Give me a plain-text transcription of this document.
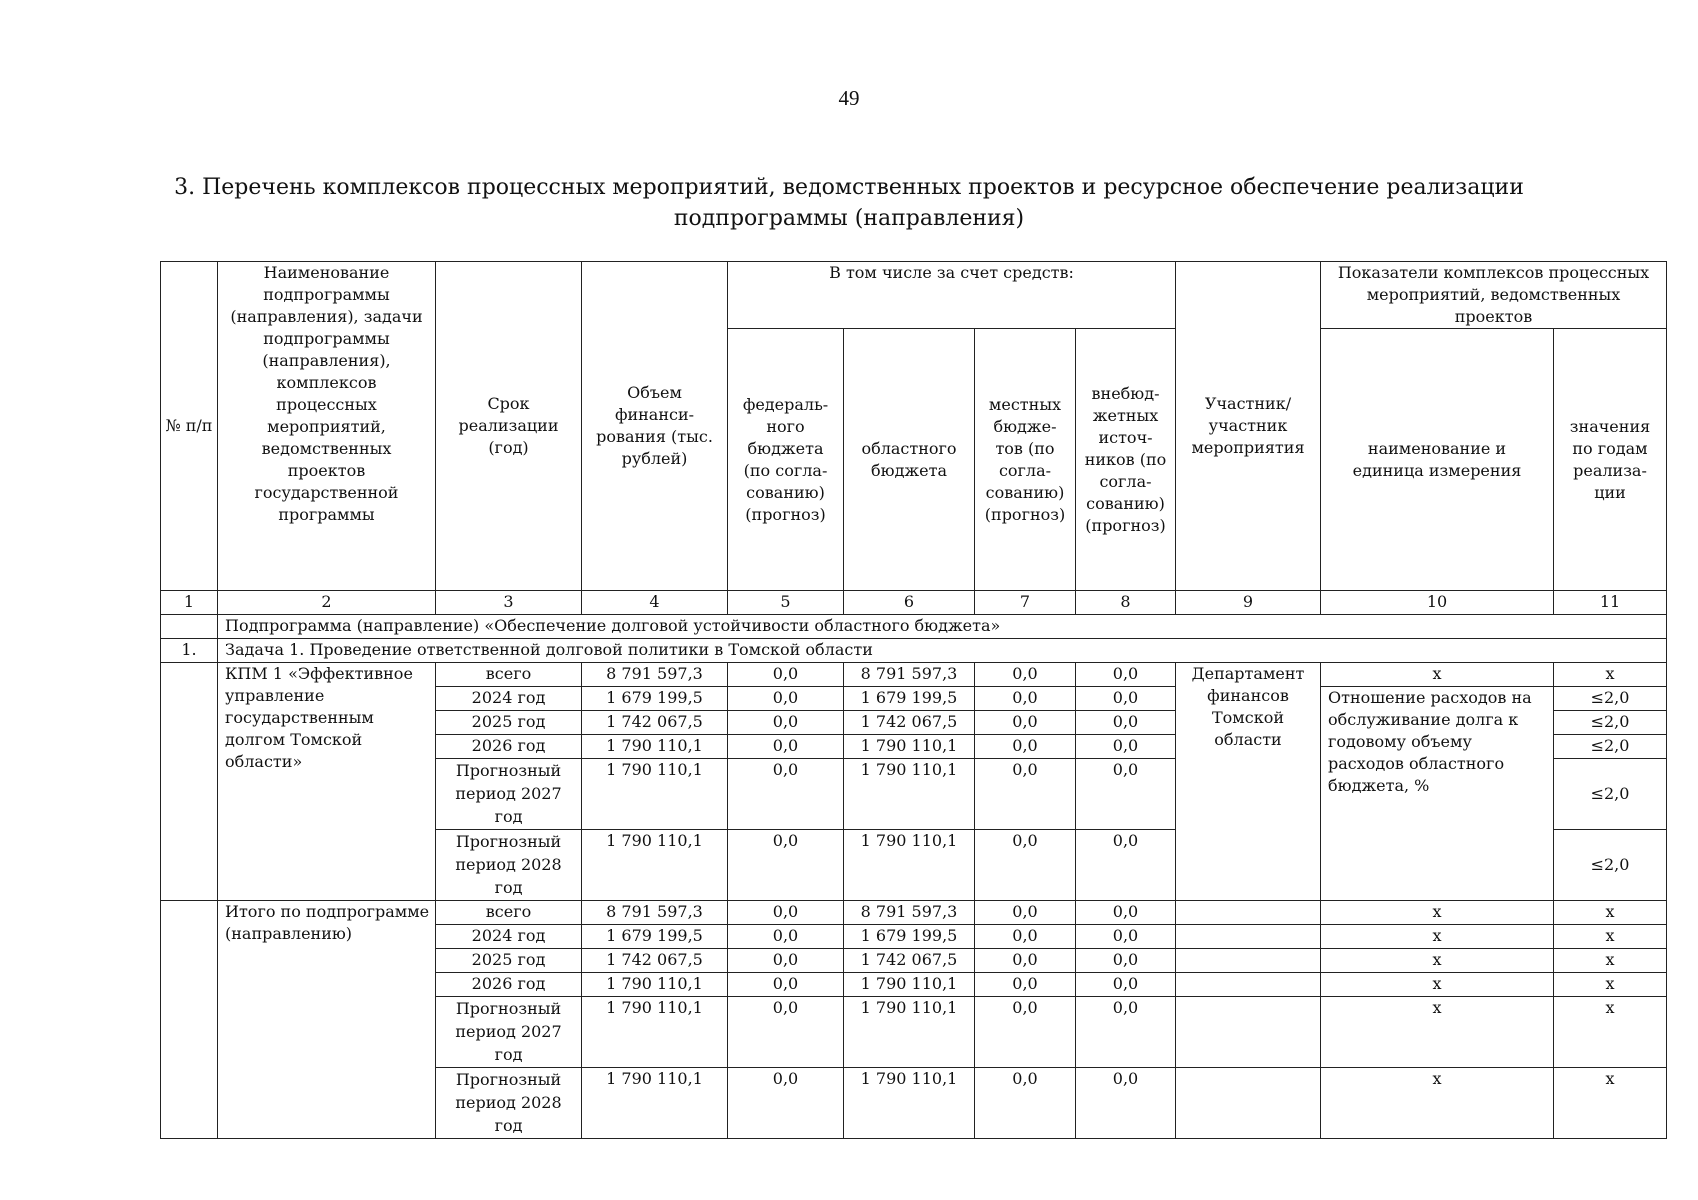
49
3. Перечень комплексов процессных мероприятий, ведомственных проектов и ресурсное обеспечение реализации
подпрограммы (направления)
№ п/п	Наименование подпрограммы (направления), задачи подпрограммы (направления), комплексов процессных мероприятий, ведомственных проектов государственной программы	Срок реализации (год)	Объем финанси-рования (тыс. рублей)	В том числе за счет средств:				Участник/ участник мероприятия	Показатели комплексов процессных мероприятий, ведомственных проектов	
				федераль-ного бюджета (по согла-сованию) (прогноз)	областного бюджета	местных бюдже-тов (по согла-сованию) (прогноз)	внебюд-жетных источ-ников (по согла-сованию) (прогноз)		наименование и единица измерения	значения по годам реализа-ции
1	2	3	4	5	6	7	8	9	10	11
	Подпрограмма (направление) «Обеспечение долговой устойчивости областного бюджета»									
1.	Задача 1. Проведение ответственной долговой политики в Томской области									
	КПМ 1 «Эффективное управление государственным долгом Томской области»	всего	8 791 597,3	0,0	8 791 597,3	0,0	0,0	Департамент финансов Томской области	x	x
		2024 год	1 679 199,5	0,0	1 679 199,5	0,0	0,0		Отношение расходов на обслуживание долга к годовому объему расходов областного бюджета, %	≤2,0
		2025 год	1 742 067,5	0,0	1 742 067,5	0,0	0,0			≤2,0
		2026 год	1 790 110,1	0,0	1 790 110,1	0,0	0,0			≤2,0
		Прогнозный период 2027 год	1 790 110,1	0,0	1 790 110,1	0,0	0,0			≤2,0
		Прогнозный период 2028 год	1 790 110,1	0,0	1 790 110,1	0,0	0,0			≤2,0
	Итого по подпрограмме (направлению)	всего	8 791 597,3	0,0	8 791 597,3	0,0	0,0		x	x
		2024 год	1 679 199,5	0,0	1 679 199,5	0,0	0,0		x	x
		2025 год	1 742 067,5	0,0	1 742 067,5	0,0	0,0		x	x
		2026 год	1 790 110,1	0,0	1 790 110,1	0,0	0,0		x	x
		Прогнозный период 2027 год	1 790 110,1	0,0	1 790 110,1	0,0	0,0		x	x
		Прогнозный период 2028 год	1 790 110,1	0,0	1 790 110,1	0,0	0,0		x	x
